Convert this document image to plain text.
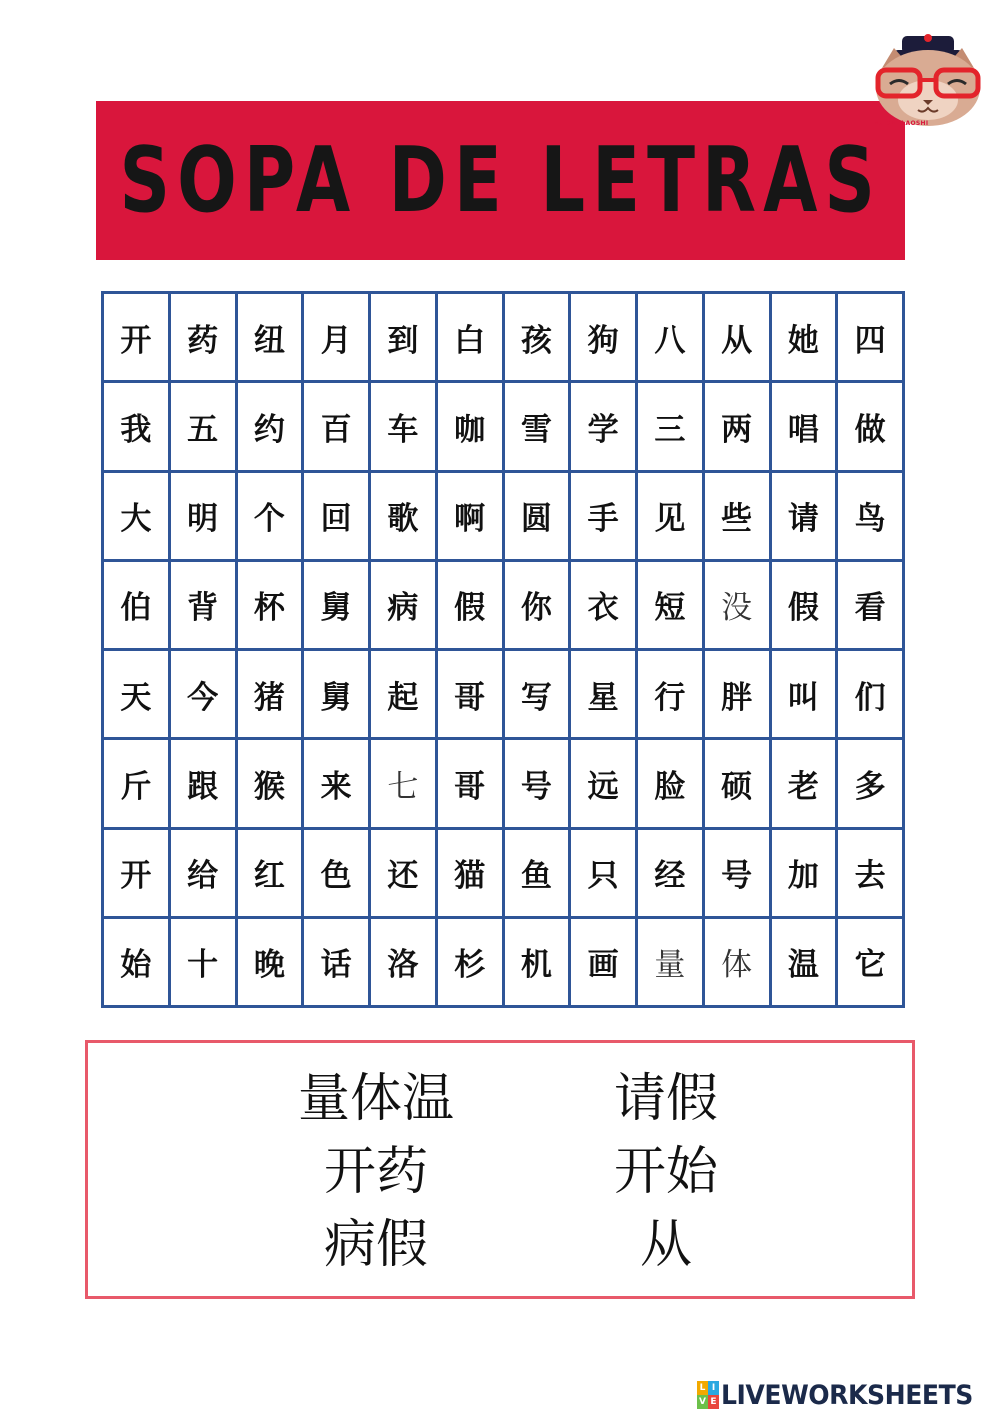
SOPA DE LETRAS
MAOMI LAOSHI
开	药	纽	月	到	白	孩	狗	八	从	她	四
我	五	约	百	车	咖	雪	学	三	两	唱	做
大	明	个	回	歌	啊	圆	手	见	些	请	鸟
伯	背	杯	舅	病	假	你	衣	短	没	假	看
天	今	猪	舅	起	哥	写	星	行	胖	叫	们
斤	跟	猴	来	七	哥	号	远	脸	硕	老	多
开	给	红	色	还	猫	鱼	只	经	号	加	去
始	十	晚	话	洛	杉	机	画	量	体	温	它
量体温	请假
开药	开始
病假	从
L I
V E LIVEWORKSHEETS
